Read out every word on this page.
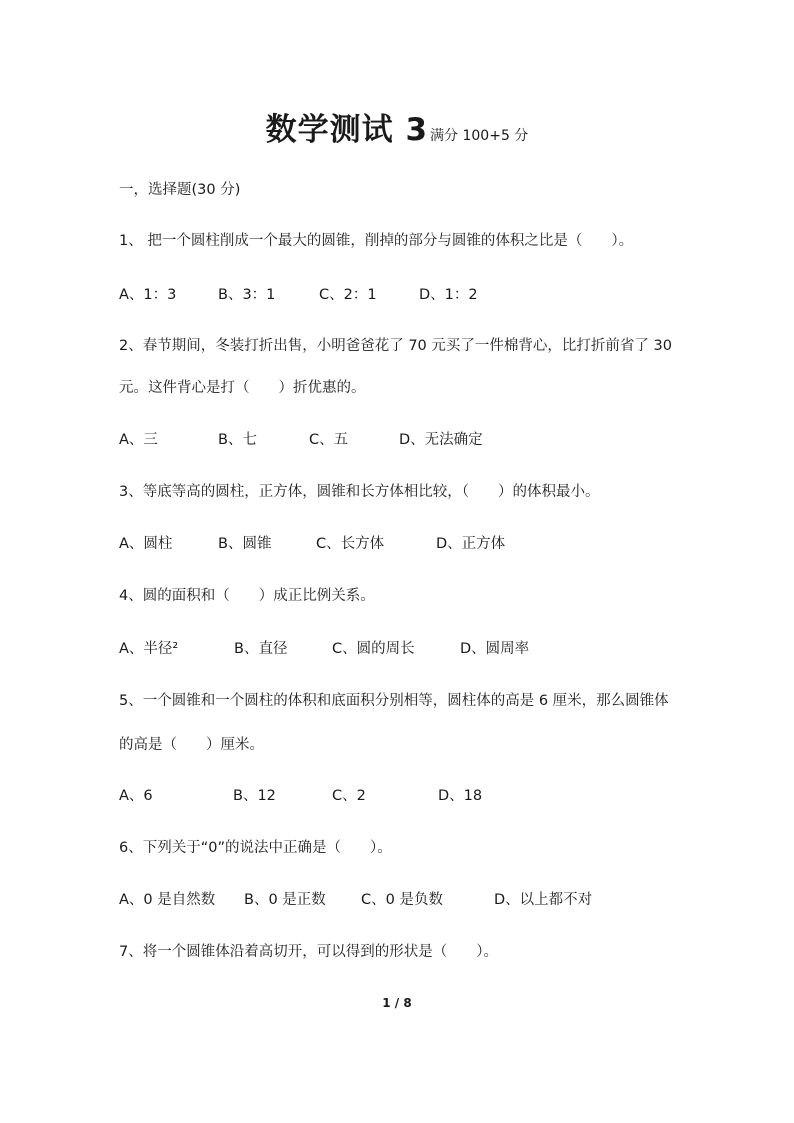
数学测试 3 满分 100+5 分
一，选择题(30 分)
1、 把一个圆柱削成一个最大的圆锥，削掉的部分与圆锥的体积之比是（　　）。
A、1：3	B、3：1	C、2：1	D、1：2
2、春节期间，冬装打折出售，小明爸爸花了 70 元买了一件棉背心，比打折前省了 30
元。这件背心是打（　　）折优惠的。
A、三	B、七	C、五	D、无法确定
3、等底等高的圆柱，正方体，圆锥和长方体相比较，（　　）的体积最小。
A、圆柱	B、圆锥	C、长方体	D、正方体
4、圆的面积和（　　）成正比例关系。
A、半径²	B、直径	C、圆的周长	D、圆周率
5、一个圆锥和一个圆柱的体积和底面积分别相等，圆柱体的高是 6 厘米，那么圆锥体
的高是（　　）厘米。
A、6	B、12	C、2	D、18
6、下列关于“0”的说法中正确是（　　）。
A、0 是自然数 B、0 是正数 C、0 是负数	D、以上都不对
7、将一个圆锥体沿着高切开，可以得到的形状是（　　）。
1 / 8
